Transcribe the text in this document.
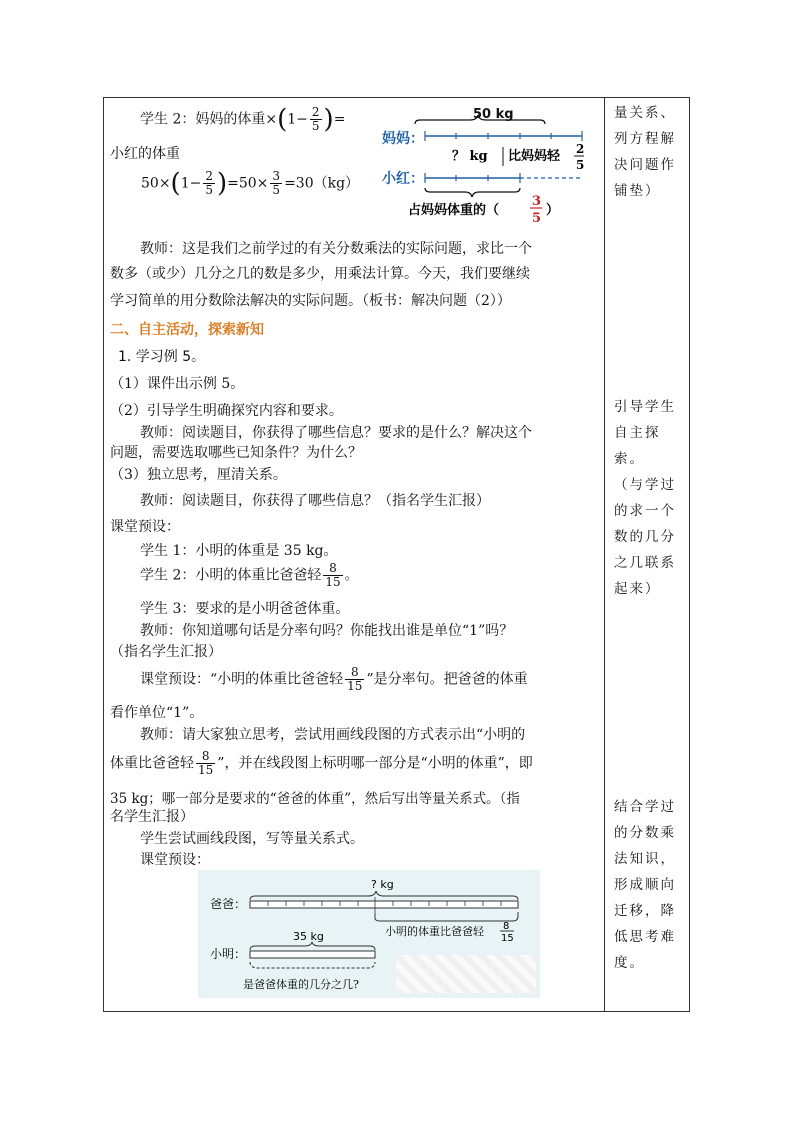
学生 2：妈妈的体重$\times(1- \frac{2}{5}$ )=
小红的体重
$50\times(1- \frac{2}{5} )=50\times \frac{3}{5} =30(kg)$
50 kg
妈妈：
？ kg 比妈妈轻 2
5
小红：
占妈妈体重的（
3
5
）
教师：这是我们之前学过的有关分数乘法的实际问题，求比一个
数多（或少）几分之几的数是多少，用乘法计算。今天，我们要继续
学习简单的用分数除法解决的实际问题。（板书：解决问题（2））
二、自主活动，探索新知
1. 学习例 5。
（1）课件出示例 5。
（2）引导学生明确探究内容和要求。
教师：阅读题目，你获得了哪些信息？要求的是什么？解决这个
问题，需要选取哪些已知条件？为什么？
（3）独立思考，厘清关系。
教师：阅读题目，你获得了哪些信息？（指名学生汇报）
课堂预设：
学生 1：小明的体重是 35 kg。
学生 2：小明的体重比爸爸轻 $\frac{8}{15}$ 。
学生 3：要求的是小明爸爸体重。
教师：你知道哪句话是分率句吗？你能找出谁是单位“1”吗？
（指名学生汇报）
课堂预设：“小明的体重比爸爸轻 $\frac{8}{15}$ ”是分率句。把爸爸的体重
看作单位“1”。
教师：请大家独立思考，尝试用画线段图的方式表示出“小明的
体重比爸爸轻 $\frac{8}{15}$ ”，并在线段图上标明哪一部分是“小明的体重”，即
35 kg；哪一部分是要求的“爸爸的体重”，然后写出等量关系式。（指
名学生汇报）
学生尝试画线段图，写等量关系式。
课堂预设：
? kg
爸爸：
小明的体重比爸爸轻 8
15
35 kg
小明：
是爸爸体重的几分之几?
量关系、
列方程解
决问题作
铺垫）
引导学生
自主探索。
（与学过
的求一个
数的几分
之几联系
起来）
结合学过
的分数乘
法知识，
形成顺向
迁移，降
低思考难
度。
